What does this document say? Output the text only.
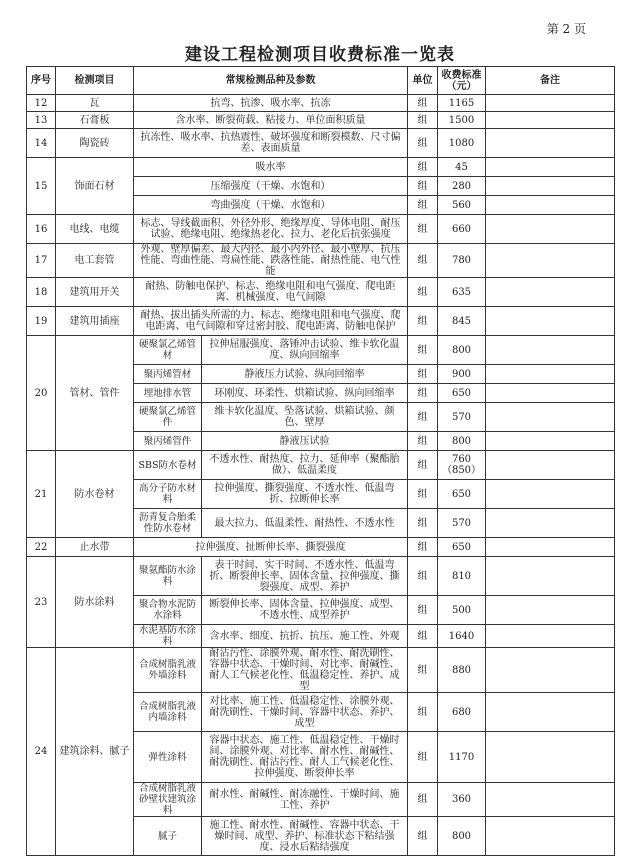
第 2 页
建设工程检测项目收费标准一览表
序号	检测项目	常规检测品种及参数		单位	收费标准（元）	备注
12	瓦	抗弯、抗渗、吸水率、抗冻		组	1165	
13	石膏板	含水率、断裂荷载、粘接力、单位面积质量		组	1500	
14	陶瓷砖	抗冻性、吸水率、抗热震性、破坏强度和断裂模数、尺寸偏差、表面质量		组	1080	
15	饰面石材	吸水率		组	45	
		压缩强度（干燥、水饱和）		组	280	
		弯曲强度（干燥、水饱和）		组	560	
16	电线、电缆	标志、导线截面积、外径外形、绝缘厚度、导体电阻、耐压试验、绝缘电阻、绝缘热老化、拉力、老化后抗张强度		组	660	
17	电工套管	外观、壁厚偏差、最大内径、最小内外径、最小壁厚、抗压性能、弯曲性能、弯扁性能、跌落性能、耐热性能、电气性能		组	780	
18	建筑用开关	耐热、防触电保护、标志、绝缘电阻和电气强度、爬电距离、机械强度、电气间隙		组	635	
19	建筑用插座	耐热、拔出插头所需的力、标志、绝缘电阻和电气强度、爬电距离、电气间隙和穿过密封胶、爬电距离、防触电保护		组	845	
20	管材、管件	硬聚氯乙烯管材	拉伸屈服强度、落锤冲击试验、维卡软化温度、纵向回缩率	组	800	
		聚丙烯管材	静液压力试验、纵向回缩率	组	900	
		埋地排水管	环刚度、环柔性、烘箱试验、纵向回缩率	组	650	
		硬聚氯乙烯管件	维卡软化温度、坠落试验、烘箱试验、颜色、壁厚	组	570	
		聚丙烯管件	静液压试验	组	800	
21	防水卷材	SBS防水卷材	不透水性、耐热度、拉力、延伸率（聚酯胎做）、低温柔度	组	760（850）	
		高分子防水材料	拉伸强度、撕裂强度、不透水性、低温弯折、拉断伸长率	组	650	
		沥青复合胎柔性防水卷材	最大拉力、低温柔性、耐热性、不透水性	组	570	
22	止水带	拉伸强度、扯断伸长率、撕裂强度		组	650	
23	防水涂料	聚氨酯防水涂料	表干时间、实干时间、不透水性、低温弯折、断裂伸长率、固体含量、拉伸强度、撕裂强度、成型、养护	组	810	
		聚合物水泥防水涂料	断裂伸长率、固体含量、拉伸强度、成型、不透水性、成型养护	组	500	
		水泥基防水涂料	含水率、细度、抗折、抗压、施工性、外观	组	1640	
24	建筑涂料、腻子	合成树脂乳液外墙涂料	耐沾污性、涂膜外观、耐水性、耐洗刷性、容器中状态、干燥时间、对比率、耐碱性、耐人工气候老化性、低温稳定性、养护、成型	组	880	
		合成树脂乳液内墙涂料	对比率、施工性、低温稳定性、涂膜外观、耐洗刷性、干燥时间、容器中状态、养护、成型	组	680	
		弹性涂料	容器中状态、施工性、低温稳定性、干燥时间、涂膜外观、对比率、耐水性、耐碱性、耐洗刷性、耐沾污性、耐人工气候老化性、拉伸强度、断裂伸长率	组	1170	
		合成树脂乳液砂壁状建筑涂料	耐水性、耐碱性、耐冻融性、干燥时间、施工性、养护	组	360	
		腻子	施工性、耐水性、耐碱性、容器中状态、干燥时间、成型、养护、标准状态下粘结强度、浸水后粘结强度	组	800	
